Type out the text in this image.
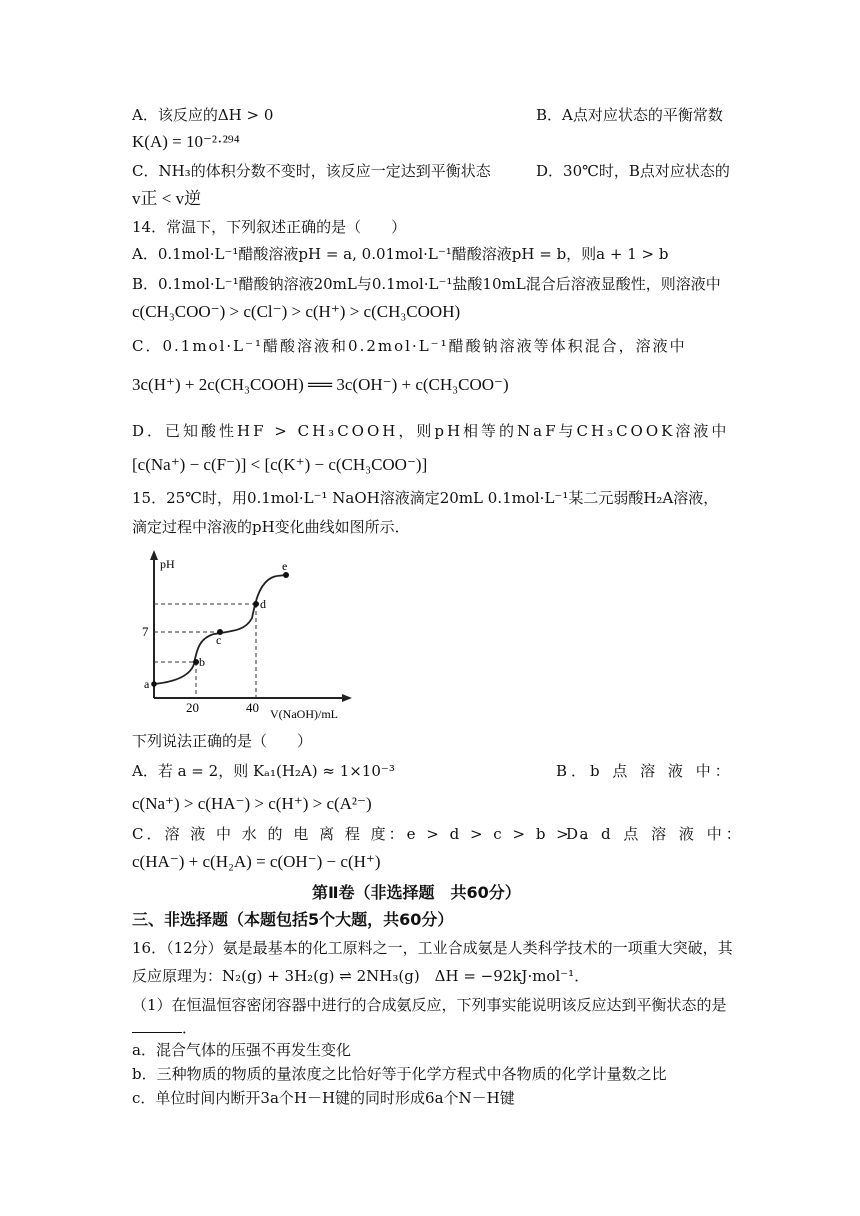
A．该反应的ΔH > 0	B．A点对应状态的平衡常数
K(A) = 10⁻²·²⁹⁴
C．NH₃的体积分数不变时，该反应一定达到平衡状态	D．30℃时，B点对应状态的
v正 < v逆
14．常温下，下列叙述正确的是（　　）
A．0.1mol·L⁻¹醋酸溶液pH = a, 0.01mol·L⁻¹醋酸溶液pH = b，则a + 1 > b
B．0.1mol·L⁻¹醋酸钠溶液20mL与0.1mol·L⁻¹盐酸10mL混合后溶液显酸性，则溶液中
c(CH₃COO⁻) > c(Cl⁻) > c(H⁺) > c(CH₃COOH)
C．0.1mol·L⁻¹醋酸溶液和0.2mol·L⁻¹醋酸钠溶液等体积混合，溶液中
3c(H⁺) + 2c(CH₃COOH) ══ 3c(OH⁻) + c(CH₃COO⁻)
D．已知酸性HF > CH₃COOH，则pH相等的NaF与CH₃COOK溶液中
[c(Na⁺) − c(F⁻)] < [c(K⁺) − c(CH₃COO⁻)]
15．25℃时，用0.1mol·L⁻¹ NaOH溶液滴定20mL 0.1mol·L⁻¹某二元弱酸H₂A溶液，
滴定过程中溶液的pH变化曲线如图所示．
pH
V(NaOH)/mL
7
20	40
a
b
c
d
e
下列说法正确的是（　　）
A．若 a = 2，则 Kₐ₁(H₂A) ≈ 1×10⁻³	B．b 点 溶 液 中：
c(Na⁺) > c(HA⁻) > c(H⁺) > c(A²⁻)
C．溶 液 中 水 的 电 离 程 度：e > d > c > b > a
D．d 点 溶 液 中：
c(HA⁻) + c(H₂A) = c(OH⁻) − c(H⁺)
第Ⅱ卷（非选择题　共60分）
三、非选择题（本题包括5个大题，共60分）
16．（12分）氨是最基本的化工原料之一，工业合成氨是人类科学技术的一项重大突破，其
反应原理为：N₂(g) + 3H₂(g) ⇌ 2NH₃(g)　ΔH = −92kJ·mol⁻¹．
（1）在恒温恒容密闭容器中进行的合成氨反应，下列事实能说明该反应达到平衡状态的是
．
a．混合气体的压强不再发生变化
b．三种物质的物质的量浓度之比恰好等于化学方程式中各物质的化学计量数之比
c．单位时间内断开3a个H－H键的同时形成6a个N－H键
